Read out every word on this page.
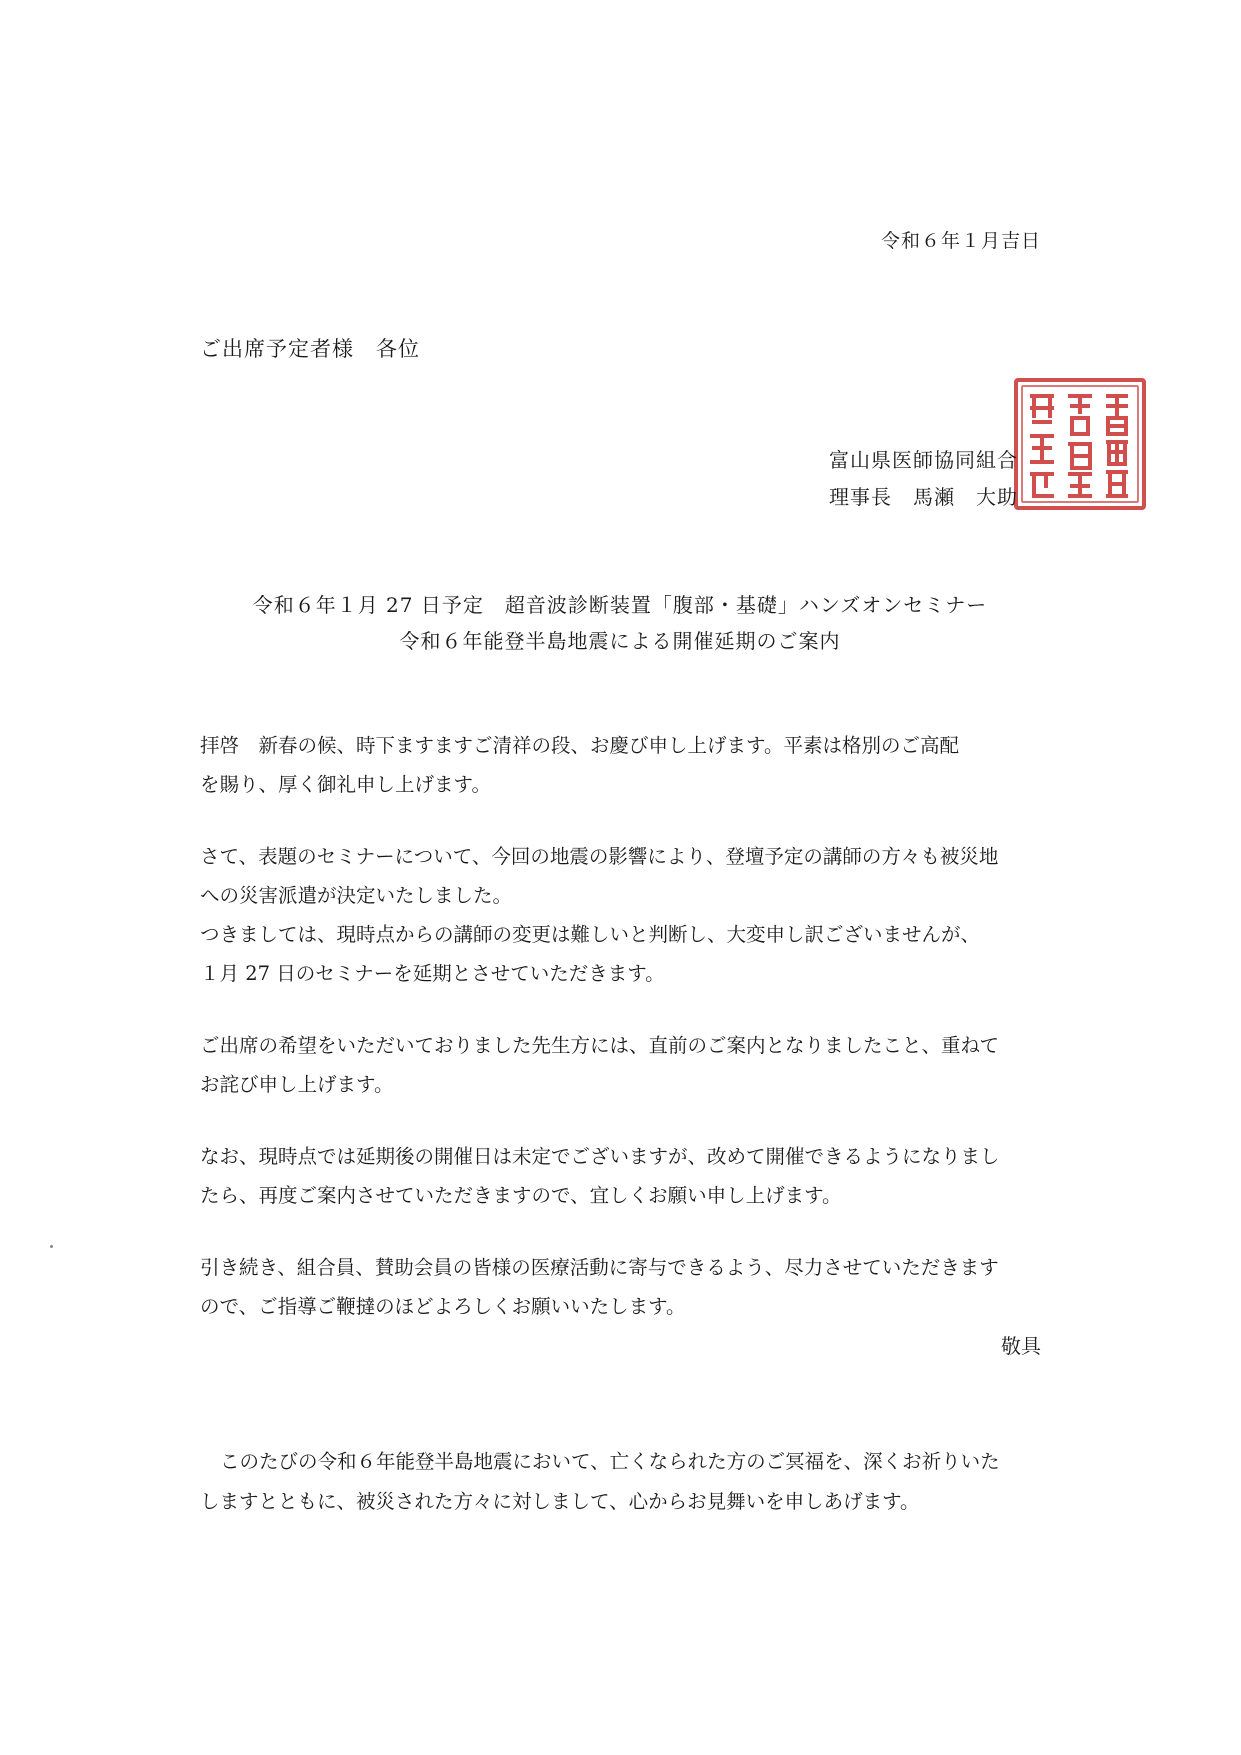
令和６年１月吉日
ご出席予定者様　各位
富山県医師協同組合
理事長　馬瀬　大助
令和６年１月 27 日予定　超音波診断装置「腹部・基礎」ハンズオンセミナー
令和６年能登半島地震による開催延期のご案内

拝啓　新春の候、時下ますますご清祥の段、お慶び申し上げます。平素は格別のご高配
を賜り、厚く御礼申し上げます。

さて、表題のセミナーについて、今回の地震の影響により、登壇予定の講師の方々も被災地
への災害派遣が決定いたしました。
つきましては、現時点からの講師の変更は難しいと判断し、大変申し訳ございませんが、
１月 27 日のセミナーを延期とさせていただきます。

ご出席の希望をいただいておりました先生方には、直前のご案内となりましたこと、重ねて
お詫び申し上げます。

なお、現時点では延期後の開催日は未定でございますが、改めて開催できるようになりまし
たら、再度ご案内させていただきますので、宜しくお願い申し上げます。

引き続き、組合員、賛助会員の皆様の医療活動に寄与できるよう、尽力させていただきます
ので、ご指導ご鞭撻のほどよろしくお願いいたします。

敬具
このたびの令和６年能登半島地震において、亡くなられた方のご冥福を、深くお祈りいた
しますとともに、被災された方々に対しまして、心からお見舞いを申しあげます。
